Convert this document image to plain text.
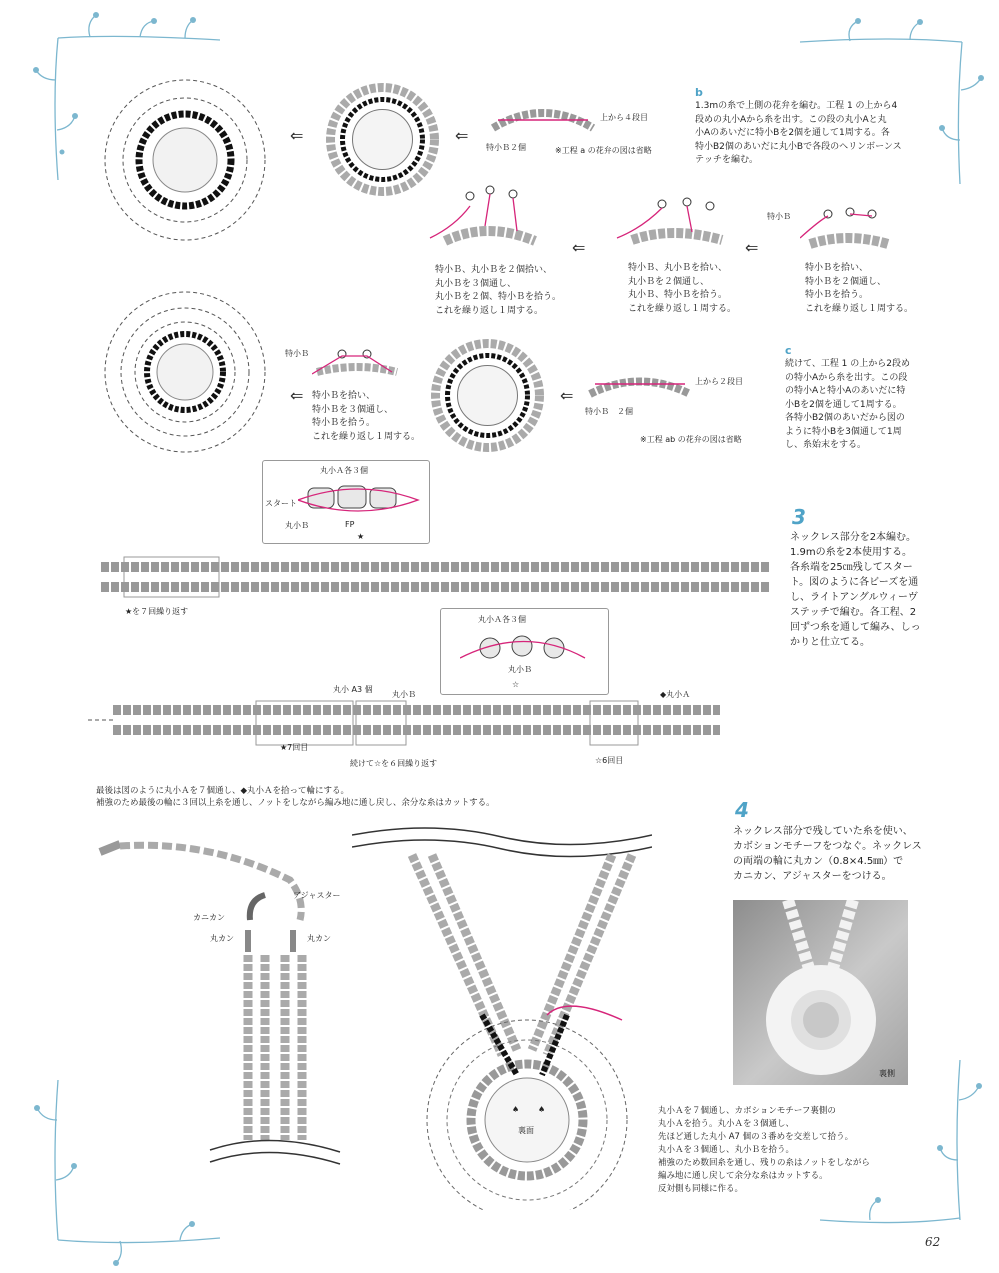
⇐	⇐
上から４段目
特小Ｂ２個	※工程 a の花弁の図は省略
b
1.3mの糸で上側の花弁を編む。工程 1 の上から4
段めの丸小Aから糸を出す。この段の丸小Aと丸
小Aのあいだに特小Bを2個を通して1周する。各
特小B2個のあいだに丸小Bで各段のヘリンボーンス
テッチを編む。
⇐	⇐
特小Ｂ
特小Ｂ、丸小Ｂを２個拾い、
丸小Ｂを３個通し、
丸小Ｂを２個、特小Ｂを拾う。
これを繰り返し１周する。
特小Ｂ、丸小Ｂを拾い、
丸小Ｂを２個通し、
丸小Ｂ、特小Ｂを拾う。
これを繰り返し１周する。
特小Ｂを拾い、
特小Ｂを２個通し、
特小Ｂを拾う。
これを繰り返し１周する。
⇐
特小Ｂ
特小Ｂを拾い、
特小Ｂを３個通し、
特小Ｂを拾う。
これを繰り返し１周する。
⇐
上から２段目
特小Ｂ　２個
※工程 ab の花弁の図は省略
c
続けて、工程 1 の上から2段め
の特小Aから糸を出す。この段
の特小Aと特小Aのあいだに特
小Bを2個を通して1周する。
各特小B2個のあいだから図の
ように特小Bを3個通して1周
し、糸始末をする。
丸小Ａ各３個
スタート
丸小Ｂ	FP
★
★を７回繰り返す
3
ネックレス部分を2本編む。
1.9mの糸を2本使用する。
各糸端を25㎝残してスター
ト。図のように各ビーズを通
し、ライトアングルウィーヴ
ステッチで編む。各工程、2
回ずつ糸を通して編み、しっ
かりと仕立てる。
丸小Ａ各３個
丸小Ｂ
☆
丸小 A3 個
丸小Ｂ	◆丸小Ａ
★7回目
続けて☆を６回繰り返す	☆6回目
最後は図のように丸小Ａを７個通し、◆丸小Ａを拾って輪にする。
補強のため最後の輪に３回以上糸を通し、ノットをしながら編み地に通し戻し、余分な糸はカットする。	4
ネックレス部分で残していた糸を使い、
カボションモチーフをつなぐ。ネックレス
の両端の輪に丸カン（0.8×4.5㎜）で
カニカン、アジャスターをつける。
アジャスター
カニカン
丸カン	丸カン
裏面
♠ ♠
裏側
丸小Ａを７個通し、カボションモチーフ裏側の
丸小Ａを拾う。丸小Ａを３個通し、
先ほど通した丸小 A7 個の３番めを交差して拾う。
丸小Ａを３個通し、丸小Ｂを拾う。
補強のため数回糸を通し、残りの糸はノットをしながら
編み地に通し戻して余分な糸はカットする。
反対側も同様に作る。
62
